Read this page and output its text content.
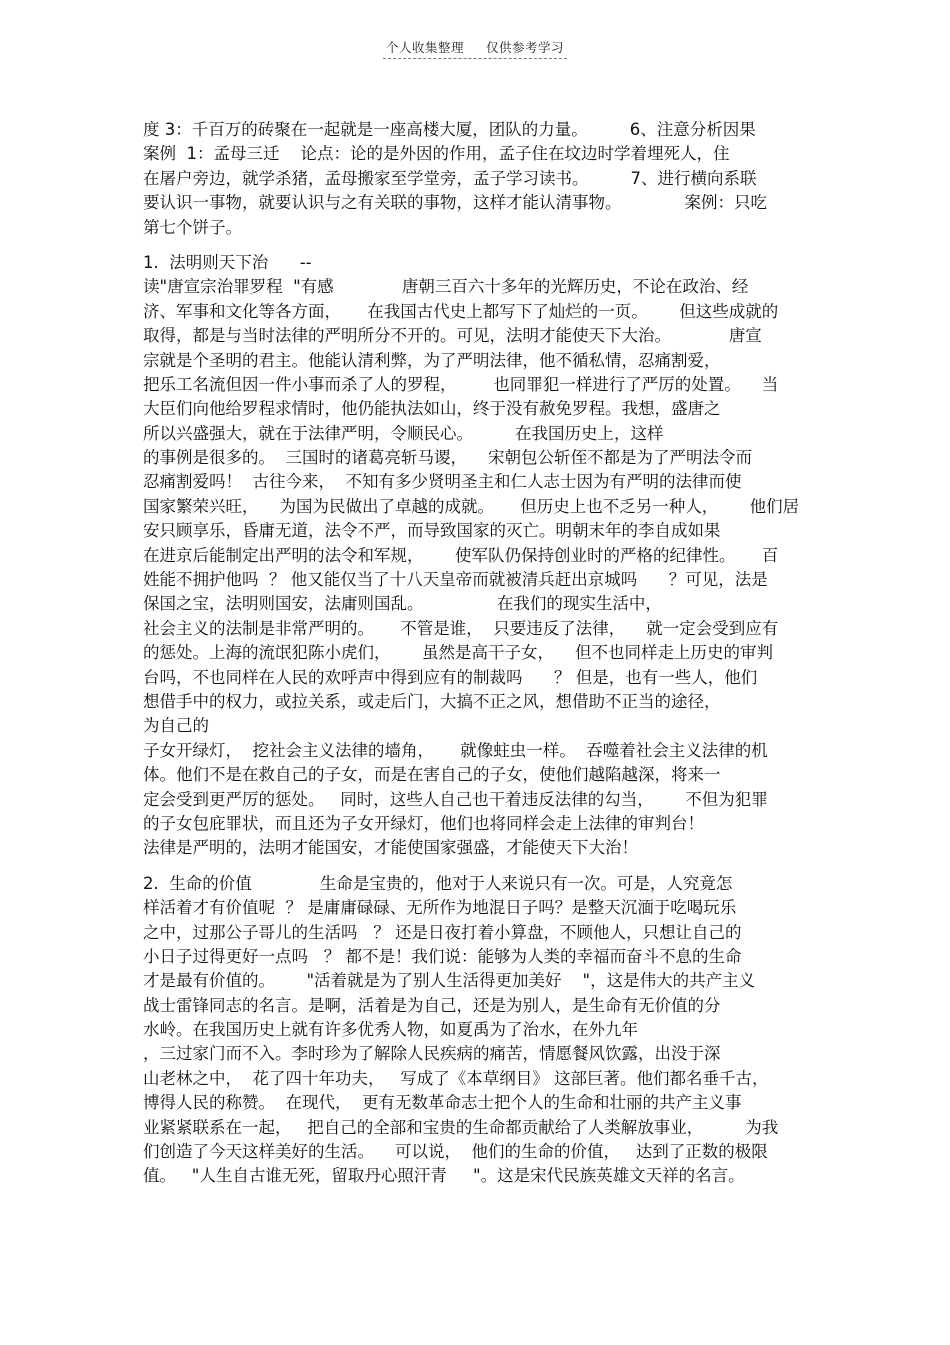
个人收集整理 仅供参考学习
度 3：千百万的砖聚在一起就是一座高楼大厦，团队的力量。        6、注意分析因果
案例  1：孟母三迁    论点：论的是外因的作用，孟子住在坟边时学着埋死人，住
在屠户旁边，就学杀猪，孟母搬家至学堂旁，孟子学习读书。        7、进行横向系联
要认识一事物，就要认识与之有关联的事物，这样才能认清事物。            案例：只吃
第七个饼子。
1.  法明则天下治      --
读"唐宣宗治罪罗程  "有感             唐朝三百六十多年的光辉历史，不论在政治、经
济、军事和文化等各方面，     在我国古代史上都写下了灿烂的一页。      但这些成就的
取得，都是与当时法律的严明所分不开的。可见，法明才能使天下大治。           唐宣
宗就是个圣明的君主。他能认清利弊，为了严明法律，他不循私情，忍痛割爱，
把乐工名流但因一件小事而杀了人的罗程，       也同罪犯一样进行了严厉的处置。    当
大臣们向他给罗程求情时，他仍能执法如山，终于没有赦免罗程。我想，盛唐之
所以兴盛强大，就在于法律严明，令顺民心。        在我国历史上，这样
的事例是很多的。  三国时的诸葛亮斩马谡，    宋朝包公斩侄不都是为了严明法令而
忍痛割爱吗！  古往今来，  不知有多少贤明圣主和仁人志士因为有严明的法律而使
国家繁荣兴旺，    为国为民做出了卓越的成就。     但历史上也不乏另一种人，      他们居
安只顾享乐，昏庸无道，法令不严，而导致国家的灭亡。明朝末年的李自成如果
在进京后能制定出严明的法令和军规，      使军队仍保持创业时的严格的纪律性。     百
姓能不拥护他吗  ？ 他又能仅当了十八天皇帝而就被清兵赶出京城吗      ？可见，法是
保国之宝，法明则国安，法庸则国乱。              在我们的现实生活中，
社会主义的法制是非常严明的。     不管是谁，  只要违反了法律，    就一定会受到应有
的惩处。上海的流氓犯陈小虎们，      虽然是高干子女，    但不也同样走上历史的审判
台吗，不也同样在人民的欢呼声中得到应有的制裁吗      ？ 但是，也有一些人，他们
想借手中的权力，或拉关系，或走后门，大搞不正之风，想借助不正当的途径，
为自己的
子女开绿灯，  挖社会主义法律的墙角，     就像蛀虫一样。  吞噬着社会主义法律的机
体。他们不是在救自己的子女，而是在害自己的子女，使他们越陷越深，将来一
定会受到更严厉的惩处。   同时，这些人自己也干着违反法律的勾当，      不但为犯罪
的子女包庇罪状，而且还为子女开绿灯，他们也将同样会走上法律的审判台！
法律是严明的，法明才能国安，才能使国家强盛，才能使天下大治！
2.  生命的价值             生命是宝贵的，他对于人来说只有一次。可是，人究竟怎
样活着才有价值呢  ？ 是庸庸碌碌、无所作为地混日子吗？是整天沉湎于吃喝玩乐
之中，过那公子哥儿的生活吗   ？ 还是日夜打着小算盘，不顾他人，只想让自己的
小日子过得更好一点吗   ？ 都不是！我们说：能够为人类的幸福而奋斗不息的生命
才是最有价值的。      "活着就是为了别人生活得更加美好    "，这是伟大的共产主义
战士雷锋同志的名言。是啊，活着是为自己，还是为别人，是生命有无价值的分
水岭。在我国历史上就有许多优秀人物，如夏禹为了治水，在外九年
，三过家门而不入。李时珍为了解除人民疾病的痛苦，情愿餐风饮露，出没于深
山老林之中，  花了四十年功夫，   写成了《本草纲目》 这部巨著。他们都名垂千古，
博得人民的称赞。  在现代，  更有无数革命志士把个人的生命和壮丽的共产主义事
业紧紧联系在一起，   把自己的全部和宝贵的生命都贡献给了人类解放事业，        为我
们创造了今天这样美好的生活。    可以说，  他们的生命的价值，   达到了正数的极限
值。   "人生自古谁无死，留取丹心照汗青     "。这是宋代民族英雄文天祥的名言。
